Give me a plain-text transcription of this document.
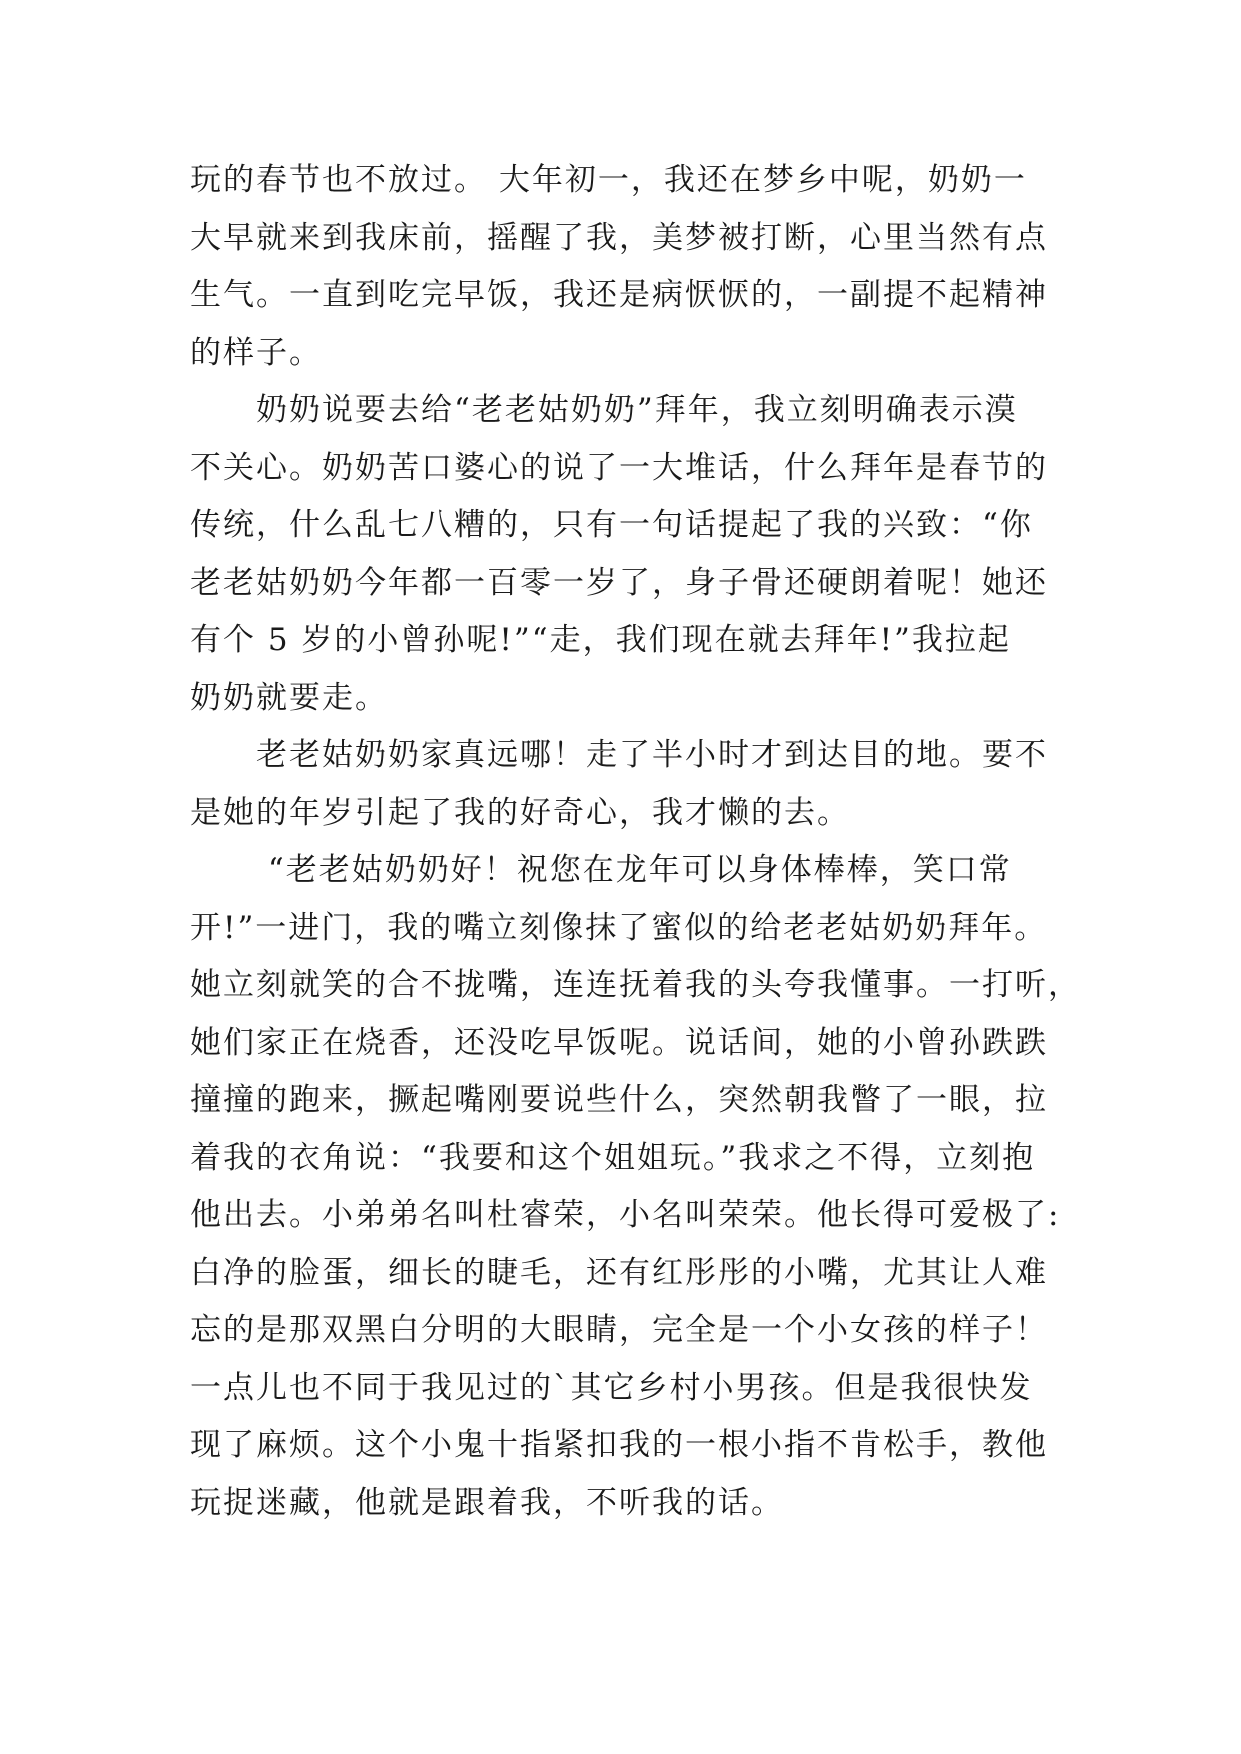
玩的春节也不放过。 大年初一，我还在梦乡中呢，奶奶一
大早就来到我床前，摇醒了我，美梦被打断，心里当然有点
生气。一直到吃完早饭，我还是病恹恹的，一副提不起精神
的样子。
　　奶奶说要去给“老老姑奶奶”拜年，我立刻明确表示漠
不关心。奶奶苦口婆心的说了一大堆话，什么拜年是春节的
传统，什么乱七八糟的，只有一句话提起了我的兴致：“你
老老姑奶奶今年都一百零一岁了，身子骨还硬朗着呢！她还
有个 5 岁的小曾孙呢!”“走，我们现在就去拜年!”我拉起
奶奶就要走。
　　老老姑奶奶家真远哪！走了半小时才到达目的地。要不
是她的年岁引起了我的好奇心，我才懒的去。
　　 “老老姑奶奶好！祝您在龙年可以身体棒棒，笑口常
开!”一进门，我的嘴立刻像抹了蜜似的给老老姑奶奶拜年。
她立刻就笑的合不拢嘴，连连抚着我的头夸我懂事。一打听，
她们家正在烧香，还没吃早饭呢。说话间，她的小曾孙跌跌
撞撞的跑来，撅起嘴刚要说些什么，突然朝我瞥了一眼，拉
着我的衣角说：“我要和这个姐姐玩。”我求之不得，立刻抱
他出去。小弟弟名叫杜睿荣，小名叫荣荣。他长得可爱极了:
白净的脸蛋，细长的睫毛，还有红彤彤的小嘴，尤其让人难
忘的是那双黑白分明的大眼睛，完全是一个小女孩的样子！
一点儿也不同于我见过的`其它乡村小男孩。但是我很快发
现了麻烦。这个小鬼十指紧扣我的一根小指不肯松手，教他
玩捉迷藏，他就是跟着我，不听我的话。
